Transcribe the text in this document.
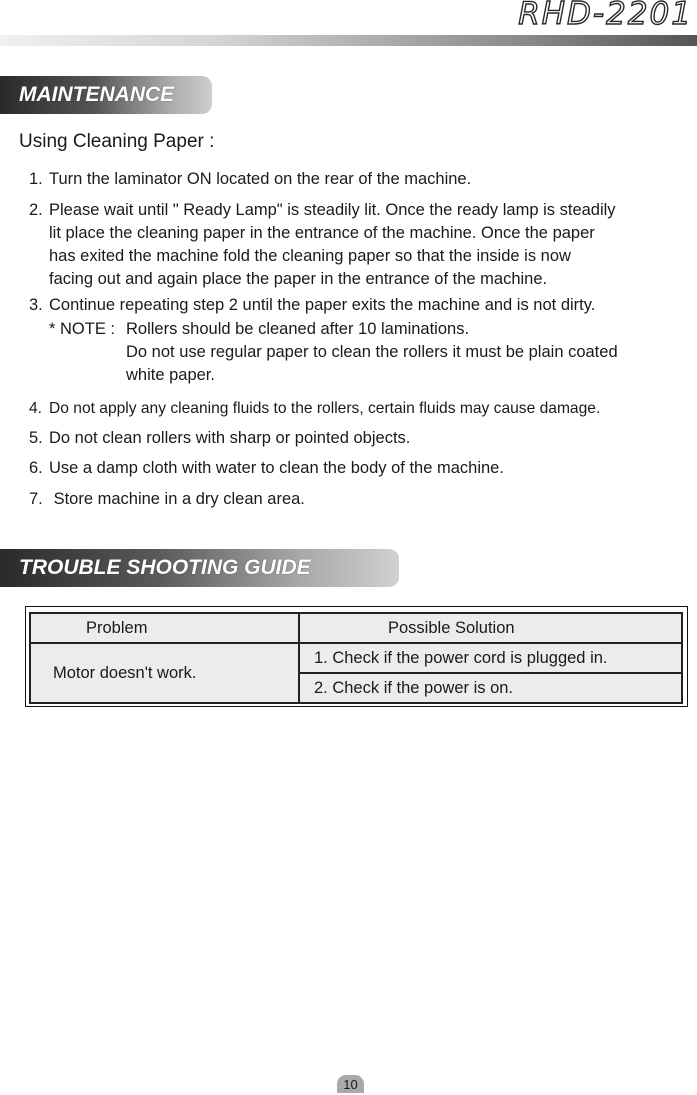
RHD-2201
MAINTENANCE
Using Cleaning Paper :
1. Turn the laminator ON located on the rear of the machine.
2. Please wait until " Ready Lamp" is steadily lit. Once the ready lamp is steadily
lit place the cleaning paper in the entrance of the machine. Once the paper
has exited the machine fold the cleaning paper so that the inside is now
facing out and again place the paper in the entrance of the machine.
3. Continue repeating step 2 until the paper exits the machine and is not dirty.
* NOTE : Rollers should be cleaned after 10 laminations.
Do not use regular paper to clean the rollers it must be plain coated
white paper.
4. Do not apply any cleaning fluids to the rollers, certain fluids may cause damage.
5. Do not clean rollers with sharp or pointed objects.
6. Use a damp cloth with water to clean the body of the machine.
7. Store machine in a dry clean area.
TROUBLE SHOOTING GUIDE
Problem	Possible Solution
Motor doesn't work.	1. Check if the power cord is plugged in.
	2. Check if the power is on.
10
